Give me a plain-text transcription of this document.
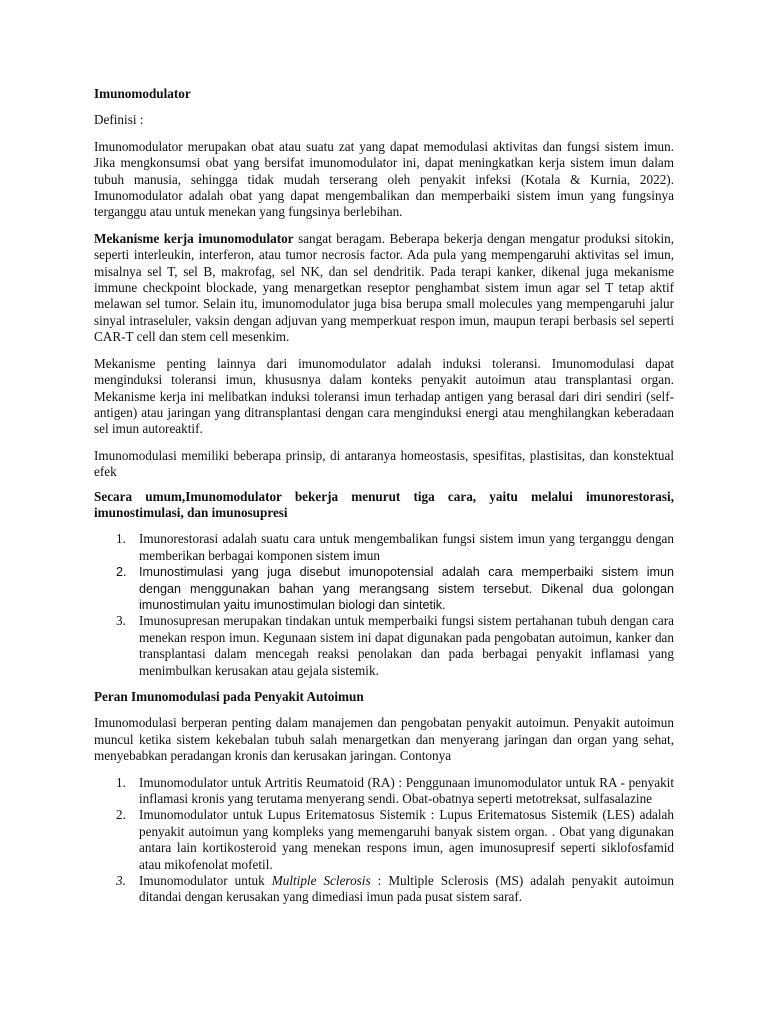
Imunomodulator

Definisi :

Imunomodulator merupakan obat atau suatu zat yang dapat memodulasi aktivitas dan fungsi sistem imun. Jika mengkonsumsi obat yang bersifat imunomodulator ini, dapat meningkatkan kerja sistem imun dalam tubuh manusia, sehingga tidak mudah terserang oleh penyakit infeksi (Kotala & Kurnia, 2022). Imunomodulator adalah obat yang dapat mengembalikan dan memperbaiki sistem imun yang fungsinya terganggu atau untuk menekan yang fungsinya berlebihan.

Mekanisme kerja imunomodulator sangat beragam. Beberapa bekerja dengan mengatur produksi sitokin, seperti interleukin, interferon, atau tumor necrosis factor. Ada pula yang mempengaruhi aktivitas sel imun, misalnya sel T, sel B, makrofag, sel NK, dan sel dendritik. Pada terapi kanker, dikenal juga mekanisme immune checkpoint blockade, yang menargetkan reseptor penghambat sistem imun agar sel T tetap aktif melawan sel tumor. Selain itu, imunomodulator juga bisa berupa small molecules yang mempengaruhi jalur sinyal intraseluler, vaksin dengan adjuvan yang memperkuat respon imun, maupun terapi berbasis sel seperti CAR-T cell dan stem cell mesenkim.

Mekanisme penting lainnya dari imunomodulator adalah induksi toleransi. Imunomodulasi dapat menginduksi toleransi imun, khususnya dalam konteks penyakit autoimun atau transplantasi organ. Mekanisme kerja ini melibatkan induksi toleransi imun terhadap antigen yang berasal dari diri sendiri (self-antigen) atau jaringan yang ditransplantasi dengan cara menginduksi energi atau menghilangkan keberadaan sel imun autoreaktif.

Imunomodulasi memiliki beberapa prinsip, di antaranya homeostasis, spesifitas, plastisitas, dan konstektual efek

Secara umum,Imunomodulator bekerja menurut tiga cara, yaitu melalui imunorestorasi, imunostimulasi, dan imunosupresi

1. Imunorestorasi adalah suatu cara untuk mengembalikan fungsi sistem imun yang terganggu dengan memberikan berbagai komponen sistem imun
2. Imunostimulasi yang juga disebut imunopotensial adalah cara memperbaiki sistem imun dengan menggunakan bahan yang merangsang sistem tersebut. Dikenal dua golongan imunostimulan yaitu imunostimulan biologi dan sintetik.
3. Imunosupresan merupakan tindakan untuk memperbaiki fungsi sistem pertahanan tubuh dengan cara menekan respon imun. Kegunaan sistem ini dapat digunakan pada pengobatan autoimun, kanker dan transplantasi dalam mencegah reaksi penolakan dan pada berbagai penyakit inflamasi yang menimbulkan kerusakan atau gejala sistemik.
Peran Imunomodulasi pada Penyakit Autoimun

Imunomodulasi berperan penting dalam manajemen dan pengobatan penyakit autoimun. Penyakit autoimun muncul ketika sistem kekebalan tubuh salah menargetkan dan menyerang jaringan dan organ yang sehat, menyebabkan peradangan kronis dan kerusakan jaringan. Contonya

1. Imunomodulator untuk Artritis Reumatoid (RA) : Penggunaan imunomodulator untuk RA - penyakit inflamasi kronis yang terutama menyerang sendi. Obat-obatnya seperti metotreksat, sulfasalazine
2. Imunomodulator untuk Lupus Eritematosus Sistemik : Lupus Eritematosus Sistemik (LES) adalah penyakit autoimun yang kompleks yang memengaruhi banyak sistem organ. . Obat yang digunakan antara lain kortikosteroid yang menekan respons imun, agen imunosupresif seperti siklofosfamid atau mikofenolat mofetil.
3. Imunomodulator untuk Multiple Sclerosis : Multiple Sclerosis (MS) adalah penyakit autoimun ditandai dengan kerusakan yang dimediasi imun pada pusat sistem saraf.
